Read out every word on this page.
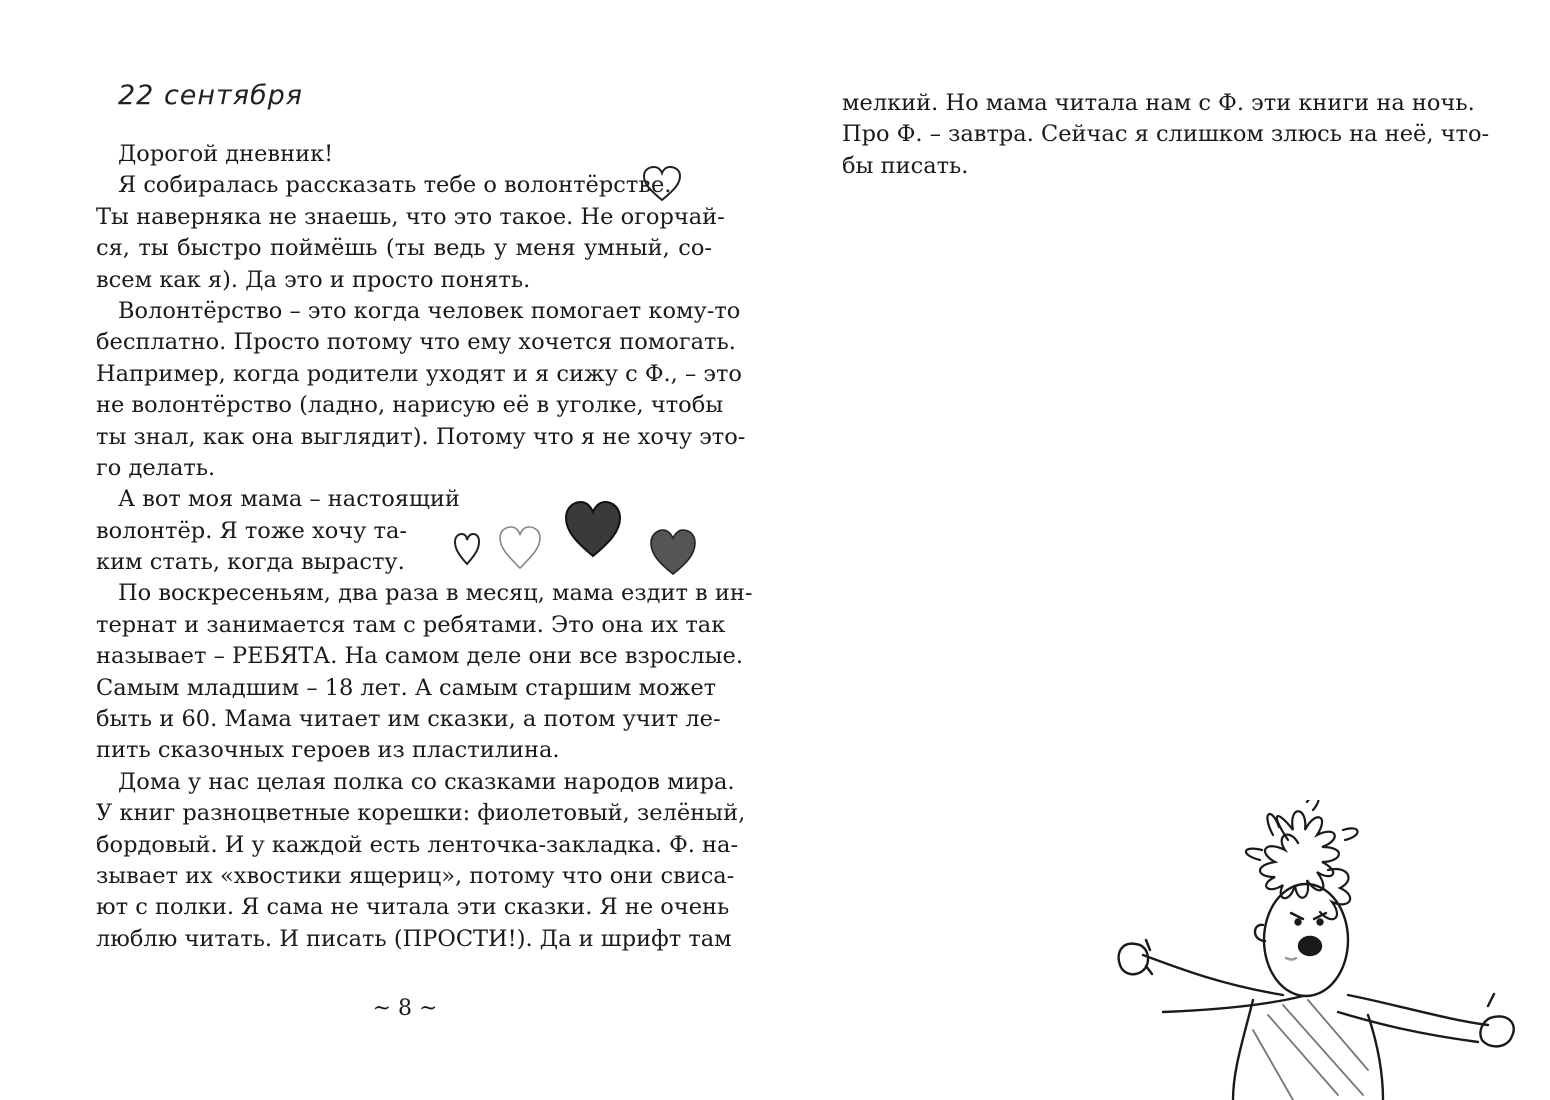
22 сентября
Дорогой дневник!
Я собиралась рассказать тебе о волонтёрстве.
Ты наверняка не знаешь, что это такое. Не огорчай-
ся, ты быстро поймёшь (ты ведь у меня умный, со-
всем как я). Да это и просто понять.
Волонтёрство – это когда человек помогает кому-то
бесплатно. Просто потому что ему хочется помогать.
Например, когда родители уходят и я сижу с Ф., – это
не волонтёрство (ладно, нарисую её в уголке, чтобы
ты знал, как она выглядит). Потому что я не хочу это-
го делать.
А вот моя мама – настоящий
волонтёр. Я тоже хочу та-
ким стать, когда вырасту.
По воскресеньям, два раза в месяц, мама ездит в ин-
тернат и занимается там с ребятами. Это она их так
называет – РЕБЯТА. На самом деле они все взрослые.
Самым младшим – 18 лет. А самым старшим может
быть и 60. Мама читает им сказки, а потом учит ле-
пить сказочных героев из пластилина.
Дома у нас целая полка со сказками народов мира.
У книг разноцветные корешки: фиолетовый, зелёный,
бордовый. И у каждой есть ленточка-закладка. Ф. на-
зывает их «хвостики ящериц», потому что они свиса-
ют с полки. Я сама не читала эти сказки. Я не очень
люблю читать. И писать (ПРОСТИ!). Да и шрифт там
~ 8 ~
мелкий. Но мама читала нам с Ф. эти книги на ночь.
Про Ф. – завтра. Сейчас я слишком злюсь на неё, что-
бы писать.
